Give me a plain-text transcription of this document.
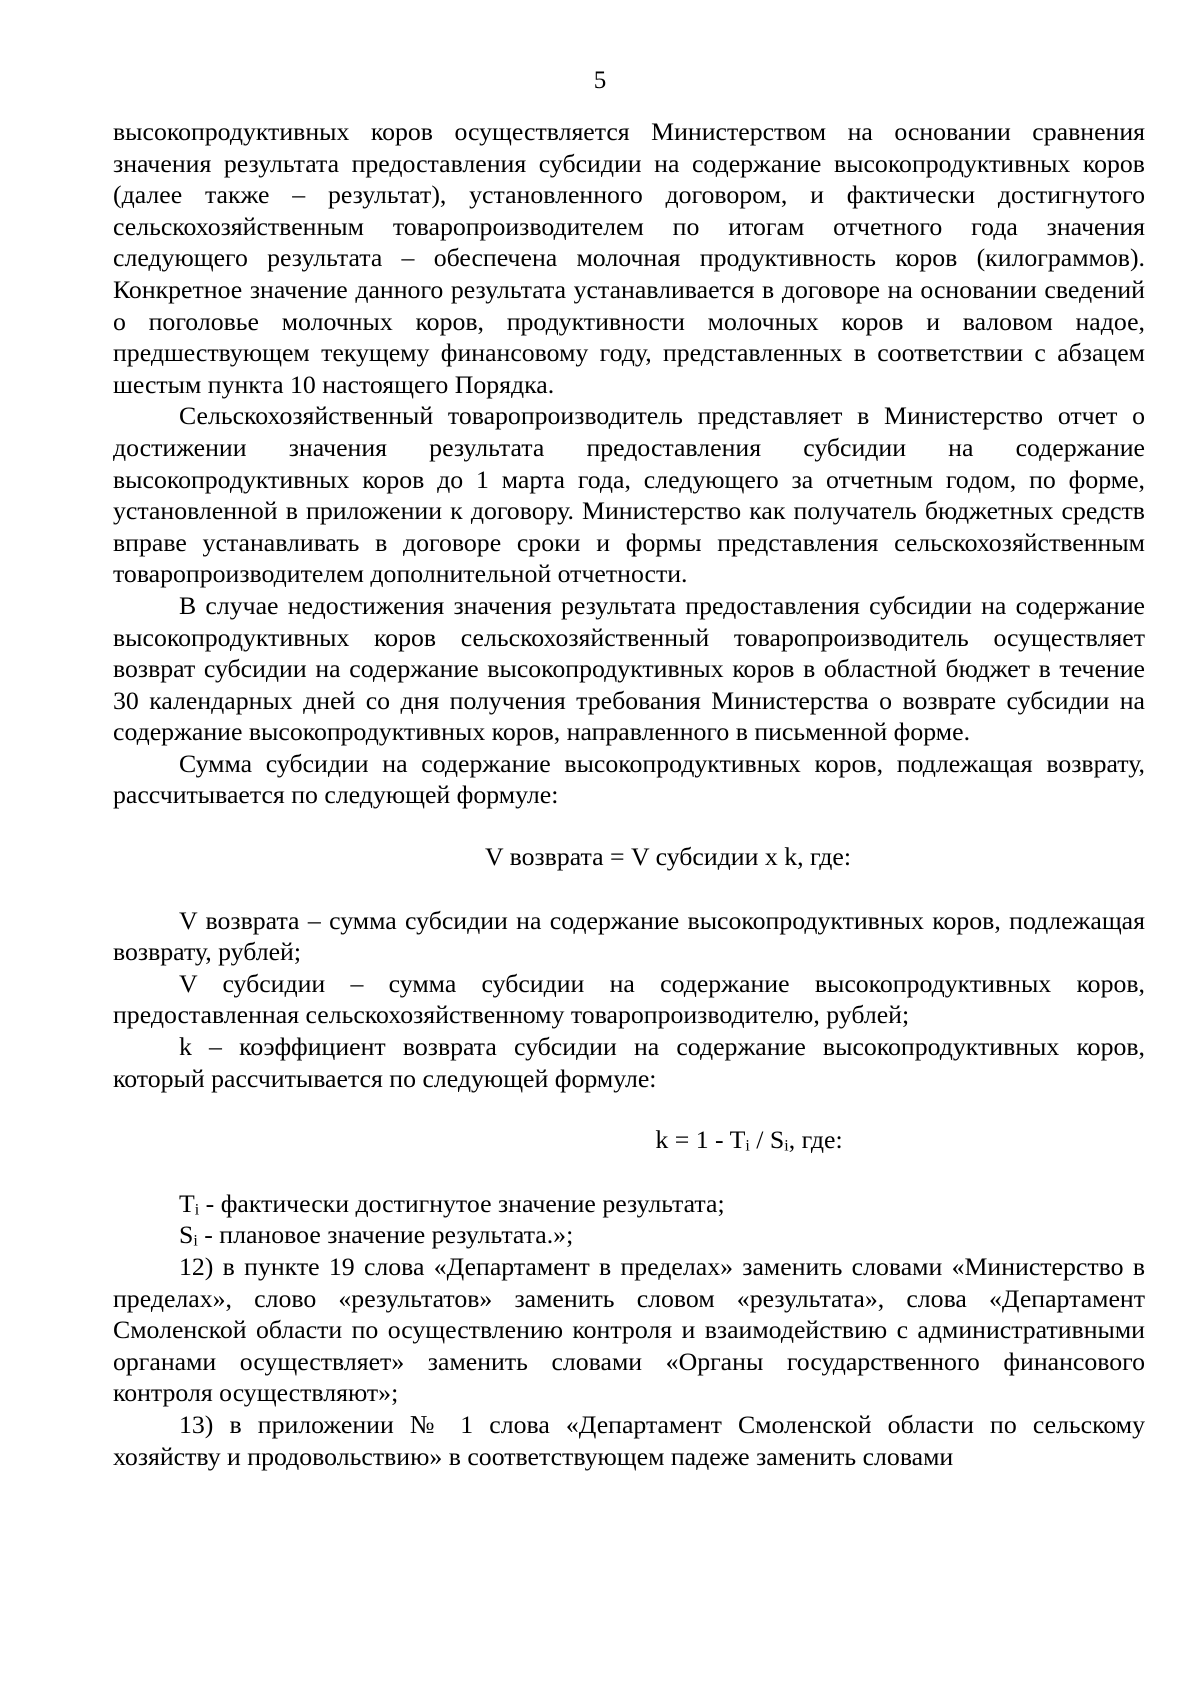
5

высокопродуктивных коров осуществляется Министерством на основании сравнения значения результата предоставления субсидии на содержание высокопродуктивных коров (далее также – результат), установленного договором, и фактически достигнутого сельскохозяйственным товаропроизводителем по итогам отчетного года значения следующего результата – обеспечена молочная продуктивность коров (килограммов). Конкретное значение данного результата устанавливается в договоре на основании сведений о поголовье молочных коров, продуктивности молочных коров и валовом надое, предшествующем текущему финансовому году, представленных в соответствии с абзацем шестым пункта 10 настоящего Порядка.

Сельскохозяйственный товаропроизводитель представляет в Министерство отчет о достижении значения результата предоставления субсидии на содержание высокопродуктивных коров до 1 марта года, следующего за отчетным годом, по форме, установленной в приложении к договору. Министерство как получатель бюджетных средств вправе устанавливать в договоре сроки и формы представления сельскохозяйственным товаропроизводителем дополнительной отчетности.

В случае недостижения значения результата предоставления субсидии на содержание высокопродуктивных коров сельскохозяйственный товаропроизводитель осуществляет возврат субсидии на содержание высокопродуктивных коров в областной бюджет в течение 30 календарных дней со дня получения требования Министерства о возврате субсидии на содержание высокопродуктивных коров, направленного в письменной форме.

Сумма субсидии на содержание высокопродуктивных коров, подлежащая возврату, рассчитывается по следующей формуле:

V возврата = V субсидии х k, где:

V возврата – сумма субсидии на содержание высокопродуктивных коров, подлежащая возврату, рублей;

V субсидии – сумма субсидии на содержание высокопродуктивных коров, предоставленная сельскохозяйственному товаропроизводителю, рублей;

k – коэффициент возврата субсидии на содержание высокопродуктивных коров, который рассчитывается по следующей формуле:

$k = 1 - T_i / S_i$, где:

$T_i$ - фактически достигнутое значение результата;

$S_i$ - плановое значение результата.»;

12) в пункте 19 слова «Департамент в пределах» заменить словами «Министерство в пределах», слово «результатов» заменить словом «результата», слова «Департамент Смоленской области по осуществлению контроля и взаимодействию с административными органами осуществляет» заменить словами «Органы государственного финансового контроля осуществляют»;

13) в приложении № 1 слова «Департамент Смоленской области по сельскому хозяйству и продовольствию» в соответствующем падеже заменить словами
